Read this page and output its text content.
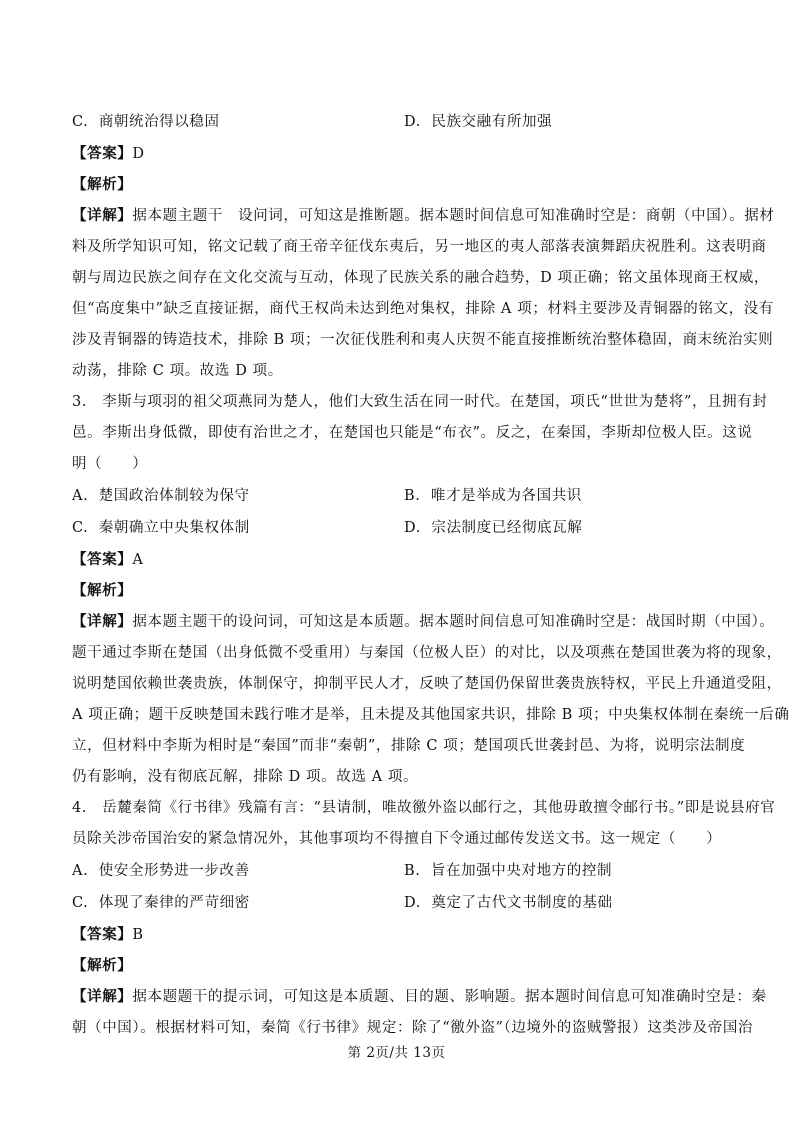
C. 商朝统治得以稳固	D. 民族交融有所加强
【答案】D
【解析】
【详解】据本题主题干　设问词，可知这是推断题。据本题时间信息可知准确时空是：商朝（中国）。据材
料及所学知识可知，铭文记载了商王帝辛征伐东夷后，另一地区的夷人部落表演舞蹈庆祝胜利。这表明商
朝与周边民族之间存在文化交流与互动，体现了民族关系的融合趋势，D 项正确；铭文虽体现商王权威，
但“高度集中”缺乏直接证据，商代王权尚未达到绝对集权，排除 A 项；材料主要涉及青铜器的铭文，没有
涉及青铜器的铸造技术，排除 B 项；一次征伐胜利和夷人庆贺不能直接推断统治整体稳固，商末统治实则
动荡，排除 C 项。故选 D 项。
3.　李斯与项羽的祖父项燕同为楚人，他们大致生活在同一时代。在楚国，项氏“世世为楚将”，且拥有封
邑。李斯出身低微，即使有治世之才，在楚国也只能是“布衣”。反之，在秦国，李斯却位极人臣。这说
明（　　）
A. 楚国政治体制较为保守	B. 唯才是举成为各国共识
C. 秦朝确立中央集权体制	D. 宗法制度已经彻底瓦解
【答案】A
【解析】
【详解】据本题主题干的设问词，可知这是本质题。据本题时间信息可知准确时空是：战国时期（中国）。
题干通过李斯在楚国（出身低微不受重用）与秦国（位极人臣）的对比，以及项燕在楚国世袭为将的现象，
说明楚国依赖世袭贵族，体制保守，抑制平民人才，反映了楚国仍保留世袭贵族特权，平民上升通道受阻，
A 项正确；题干反映楚国未践行唯才是举，且未提及其他国家共识，排除 B 项；中央集权体制在秦统一后确
立，但材料中李斯为相时是“秦国”而非“秦朝”，排除 C 项；楚国项氏世袭封邑、为将，说明宗法制度
仍有影响，没有彻底瓦解，排除 D 项。故选 A 项。
4.　岳麓秦简《行书律》残篇有言：“县请制，唯故徼外盗以邮行之，其他毋敢擅令邮行书。”即是说县府官
员除关涉帝国治安的紧急情况外，其他事项均不得擅自下令通过邮传发送文书。这一规定（　　）
A. 使安全形势进一步改善	B. 旨在加强中央对地方的控制
C. 体现了秦律的严苛细密	D. 奠定了古代文书制度的基础
【答案】B
【解析】
【详解】据本题题干的提示词，可知这是本质题、目的题、影响题。据本题时间信息可知准确时空是：秦
朝（中国）。根据材料可知，秦简《行书律》规定：除了“徼外盗”（边境外的盗贼警报）这类涉及帝国治
第 2页/共 13页
